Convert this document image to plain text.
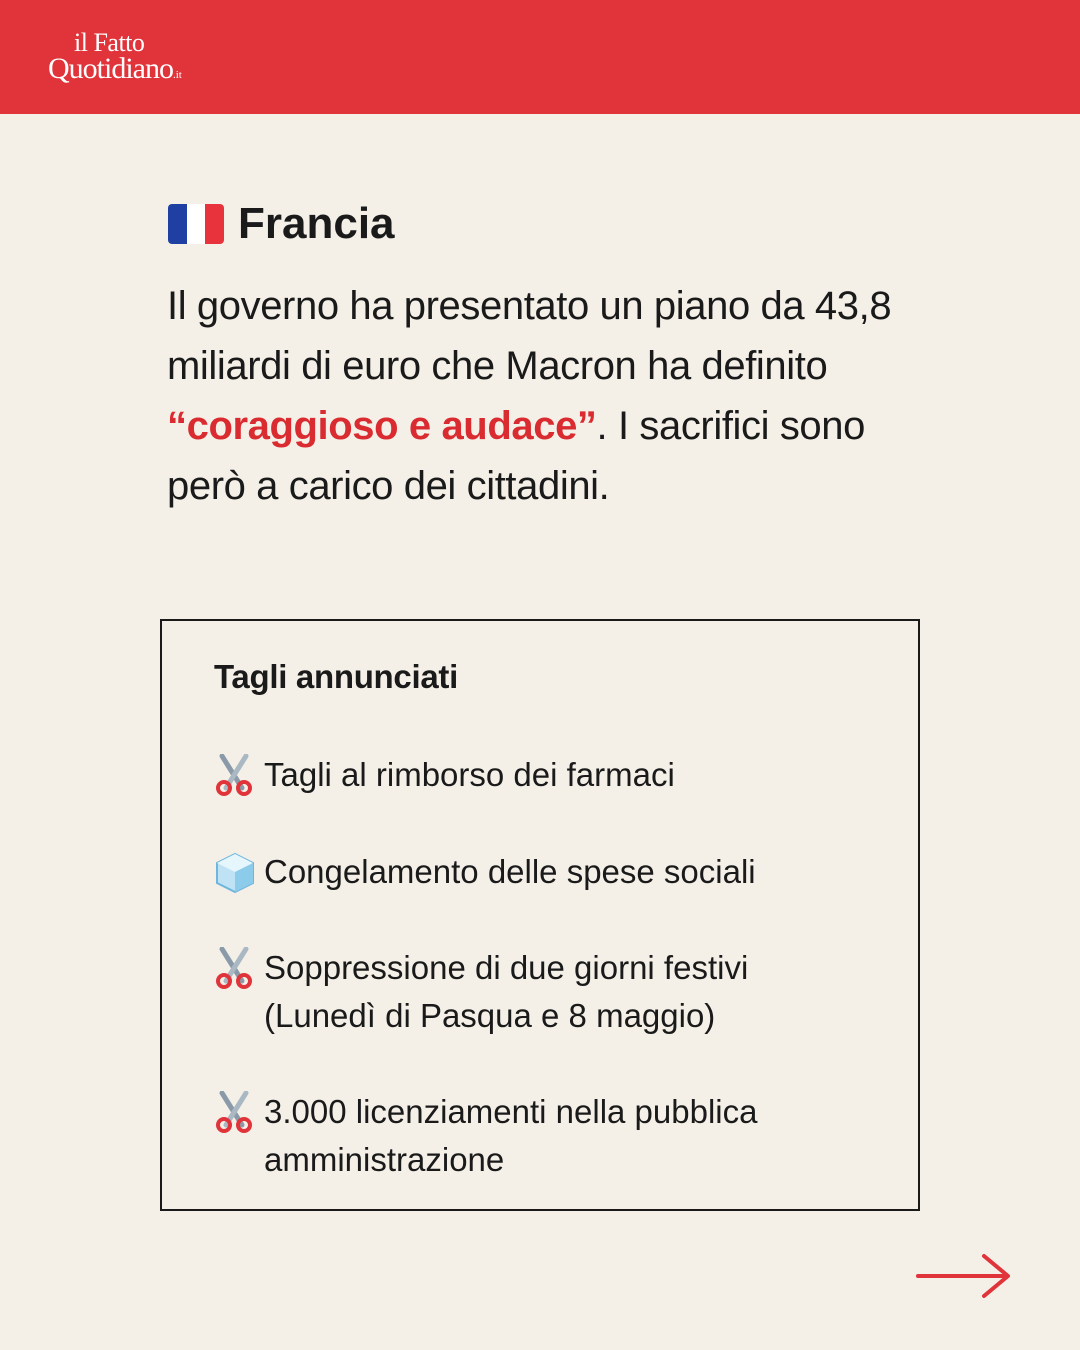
il Fatto
Quotidiano.it
Francia
Il governo ha presentato un piano da 43,8 miliardi di euro che Macron ha definito “coraggioso e audace”. I sacrifici sono però a carico dei cittadini.
Tagli annunciati
Tagli al rimborso dei farmaci
Congelamento delle spese sociali
Soppressione di due giorni festivi
(Lunedì di Pasqua e 8 maggio)
3.000 licenziamenti nella pubblica
amministrazione
